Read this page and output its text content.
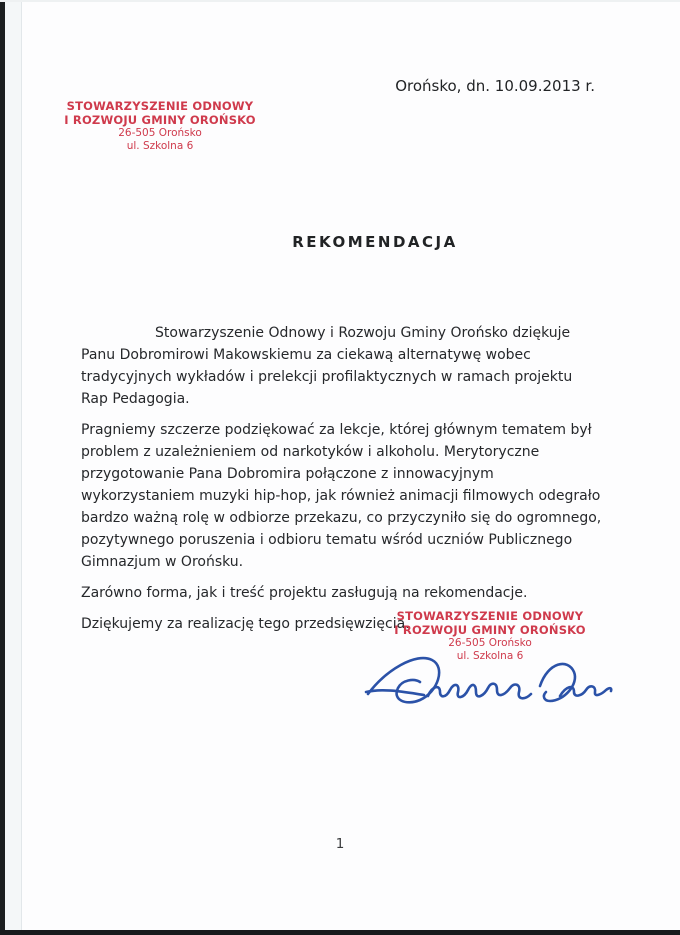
Orońsko, dn. 10.09.2013 r.
STOWARZYSZENIE ODNOWY
I ROZWOJU GMINY OROŃSKO
26-505 Orońsko
ul. Szkolna 6
REKOMENDACJA

Stowarzyszenie Odnowy i Rozwoju Gminy Orońsko dziękuje Panu Dobromirowi Makowskiemu za ciekawą alternatywę wobec tradycyjnych wykładów i prelekcji profilaktycznych w ramach projektu Rap Pedagogia.

Pragniemy szczerze podziękować za lekcje, której głównym tematem był problem z uzależnieniem od narkotyków i alkoholu. Merytoryczne przygotowanie Pana Dobromira połączone z innowacyjnym wykorzystaniem muzyki hip-hop, jak również animacji filmowych odegrało bardzo ważną rolę w odbiorze przekazu, co przyczyniło się do ogromnego, pozytywnego poruszenia i odbioru tematu wśród uczniów Publicznego Gimnazjum w Orońsku.

Zarówno forma, jak i treść projektu zasługują na rekomendacje.

Dziękujemy za realizację tego przedsięwzięcia.

STOWARZYSZENIE ODNOWY
I ROZWOJU GMINY OROŃSKO
26-505 Orońsko
ul. Szkolna 6
1
